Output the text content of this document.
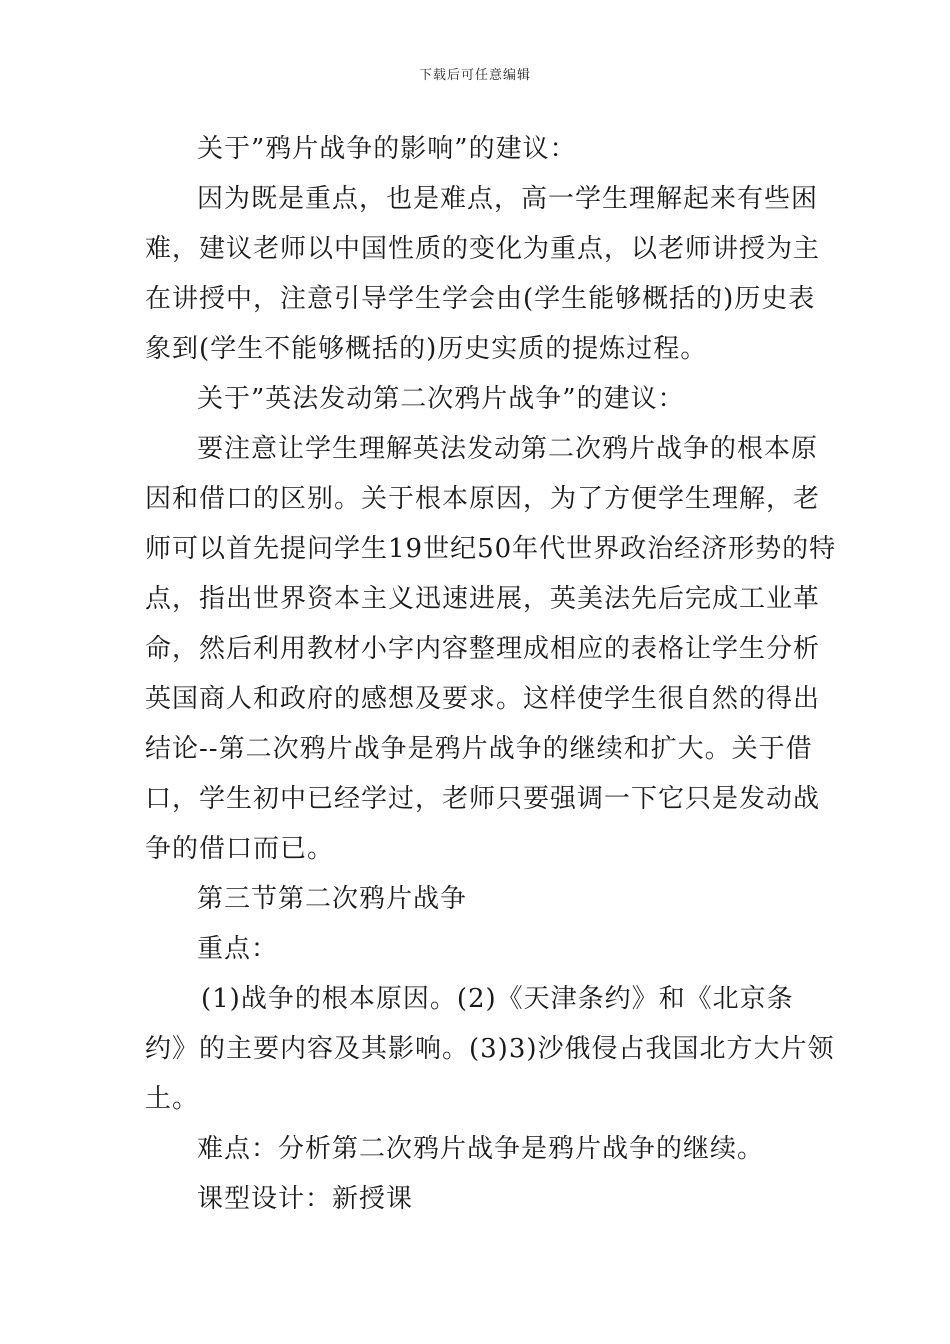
下载后可任意编辑
关于”鸦片战争的影响”的建议：
因为既是重点，也是难点，高一学生理解起来有些困
难，建议老师以中国性质的变化为重点，以老师讲授为主
在讲授中，注意引导学生学会由(学生能够概括的)历史表
象到(学生不能够概括的)历史实质的提炼过程。
关于”英法发动第二次鸦片战争”的建议：
要注意让学生理解英法发动第二次鸦片战争的根本原
因和借口的区别。关于根本原因，为了方便学生理解，老
师可以首先提问学生19世纪50年代世界政治经济形势的特
点，指出世界资本主义迅速进展，英美法先后完成工业革
命，然后利用教材小字内容整理成相应的表格让学生分析
英国商人和政府的感想及要求。这样使学生很自然的得出
结论--第二次鸦片战争是鸦片战争的继续和扩大。关于借
口，学生初中已经学过，老师只要强调一下它只是发动战
争的借口而已。
第三节第二次鸦片战争
重点：
(1)战争的根本原因。(2)《天津条约》和《北京条
约》的主要内容及其影响。(3)3)沙俄侵占我国北方大片领
土。
难点：分析第二次鸦片战争是鸦片战争的继续。
课型设计：新授课
